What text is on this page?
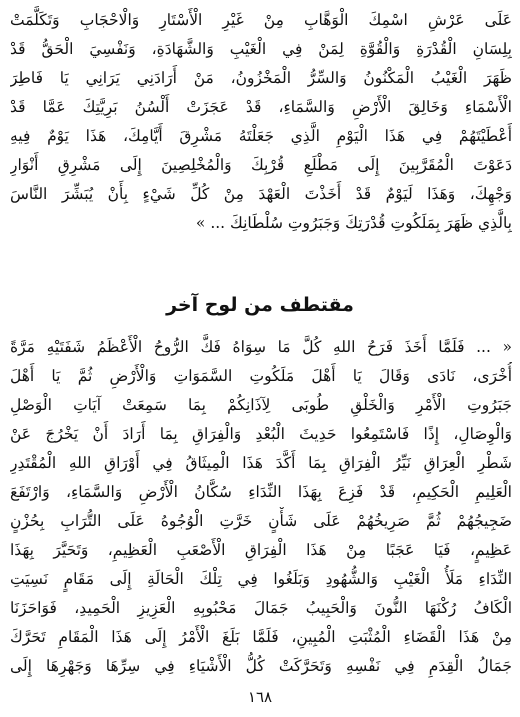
عَلَى عَرْشِ اسْمِكَ الْوَهَّابِ مِنْ غَيْرِ الْأَسْتَارِ وَالْاحْجَابِ وَتَكَلَّمَتْ
بِلِسَانِ الْقُدْرَةِ وَالْقُوَّةِ لِمَنْ فِي الْغَيْبِ وَالشَّهَادَةِ، وَنَفْسِيَ الْحَقُّ قَدْ
ظَهَرَ الْغَيْبُ الْمَكْنُونُ وَالسِّرُّ الْمَخْزُونُ، مَنْ أَرَادَنِي يَرَانِي يَا فَاطِرَ
الْأَسْمَاءِ وَخَالِقَ الْأَرْضِ وَالسَّمَاءِ، قَدْ عَجَزَتْ أَلْسُنُ بَرِيَّتِكَ عَمَّا قَدْ
أَعْطَيْتَهُمْ فِي هَذَا الْيَوْمِ الَّذِي جَعَلْتَهُ مَشْرِقَ أَيَّامِكَ، هَذَا يَوْمٌ فِيهِ
دَعَوْتَ الْمُقَرَّبِينَ إِلَى مَطْلَعِ قُرْبِكَ وَالْمُخْلِصِينَ إِلَى مَشْرِقِ أَنْوَارِ
وَجْهِكَ، وَهَذَا لَيَوْمٌ قَدْ أَخَذْتَ الْعَهْدَ مِنْ كُلِّ شَيْءٍ بِأَنْ يُبَشِّرَ النَّاسَ
بِالَّذِي ظَهَرَ بِمَلَكُوتِ قُدْرَتِكَ وَجَبَرُوتِ سُلْطَانِكَ ... »
مقتطف من لوح آخر
« ... فَلَمَّا أَخَذَ فَرَحُ اللهِ كُلَّ مَا سِوَاهُ فَكَّ الرُّوحُ الْأَعْظَمُ شَفَتَيْهِ مَرَّةً
أُخْرَى، نَادَى وَقَالَ يَا أَهْلَ مَلَكُوتِ السَّمَوَاتِ وَالْأَرْضِ ثُمَّ يَا أَهْلَ
جَبَرُوتِ الْأَمْرِ وَالْخَلْقِ طُوبَى لِآذَانِكُمْ بِمَا سَمِعَتْ آيَاتِ الْوَصْلِ
وَالْوِصَالِ، إِذًا فَاسْتَمِعُوا حَدِيثَ الْبُعْدِ وَالْفِرَاقِ بِمَا أَرَادَ أَنْ يَخْرُجَ عَنْ
شَطْرِ الْعِرَاقِ نَيِّرُ الْفِرَاقِ بِمَا أَكَّدَ هَذَا الْمِيثَاقُ فِي أَوْرَاقِ اللهِ الْمُقْتَدِرِ
الْعَلِيمِ الْحَكِيمِ، قَدْ فَزِعَ بِهَذَا النِّدَاءِ سُكَّانُ الْأَرْضِ وَالسَّمَاءِ، وَارْتَفَعَ
ضَجِيجُهُمْ ثُمَّ صَرِيخُهُمْ عَلَى شَأْنٍ خَرَّتِ الْوُجُوهُ عَلَى التُّرَابِ بِحُزْنٍ
عَظِيمٍ، فَيَا عَجَبًا مِنْ هَذَا الْفِرَاقِ الْأَصْعَبِ الْعَظِيمِ، وَتَحَيَّرَ بِهَذَا
النِّدَاءِ مَلَأُ الْغَيْبِ وَالشُّهُودِ وَبَلَغُوا فِي تِلْكَ الْحَالَةِ إِلَى مَقَامٍ نَسِيَتِ
الْكَافُ رُكْنَهَا النُّونَ وَالْحَبِيبُ جَمَالَ مَحْبُوبِهِ الْعَزِيزِ الْحَمِيدِ، فَوَاحَزَنَا
مِنْ هَذَا الْقَضَاءِ الْمُثْبَتِ الْمُبِينِ، فَلَمَّا بَلَغَ الْأَمْرُ إِلَى هَذَا الْمَقَامِ تَحَرَّكَ
جَمَالُ الْقِدَمِ فِي نَفْسِهِ وَتَحَرَّكَتْ كُلُّ الْأَشْيَاءِ فِي سِرِّهَا وَجَهْرِهَا إِلَى
١٦٨
